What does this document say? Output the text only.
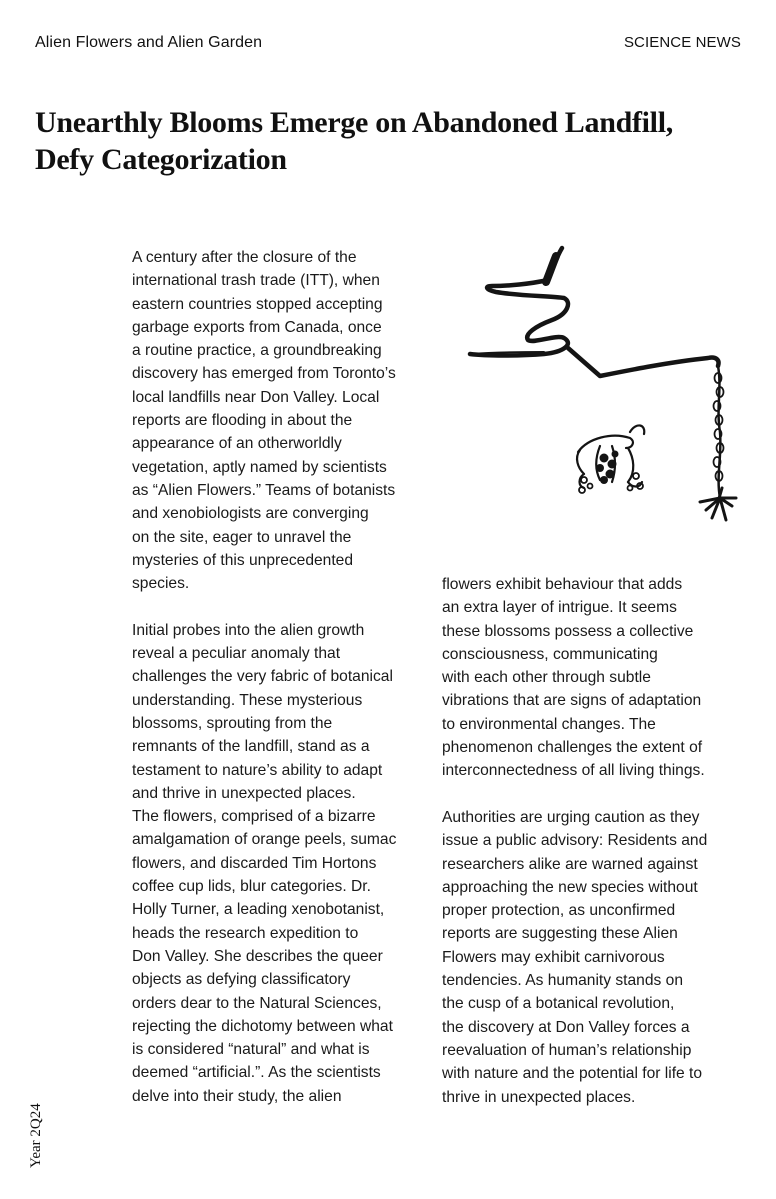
Alien Flowers and Alien Garden	SCIENCE NEWS
Unearthly Blooms Emerge on Abandoned Landfill,
Defy Categorization
A century after the closure of the
international trash trade (ITT), when
eastern countries stopped accepting
garbage exports from Canada, once
a routine practice, a groundbreaking
discovery has emerged from Toronto’s
local landfills near Don Valley. Local
reports are flooding in about the
appearance of an otherworldly
vegetation, aptly named by scientists
as “Alien Flowers.” Teams of botanists
and xenobiologists are converging
on the site, eager to unravel the
mysteries of this unprecedented
species.
Initial probes into the alien growth
reveal a peculiar anomaly that
challenges the very fabric of botanical
understanding. These mysterious
blossoms, sprouting from the
remnants of the landfill, stand as a
testament to nature’s ability to adapt
and thrive in unexpected places.
The flowers, comprised of a bizarre
amalgamation of orange peels, sumac
flowers, and discarded Tim Hortons
coffee cup lids, blur categories. Dr.
Holly Turner, a leading xenobotanist,
heads the research expedition to
Don Valley. She describes the queer
objects as defying classificatory
orders dear to the Natural Sciences,
rejecting the dichotomy between what
is considered “natural” and what is
deemed “artificial.”. As the scientists
delve into their study, the alien
flowers exhibit behaviour that adds
an extra layer of intrigue. It seems
these blossoms possess a collective
consciousness, communicating
with each other through subtle
vibrations that are signs of adaptation
to environmental changes. The
phenomenon challenges the extent of
interconnectedness of all living things.
Authorities are urging caution as they
issue a public advisory: Residents and
researchers alike are warned against
approaching the new species without
proper protection, as unconfirmed
reports are suggesting these Alien
Flowers may exhibit carnivorous
tendencies. As humanity stands on
the cusp of a botanical revolution,
the discovery at Don Valley forces a
reevaluation of human’s relationship
with nature and the potential for life to
thrive in unexpected places.
Year 2Q24
